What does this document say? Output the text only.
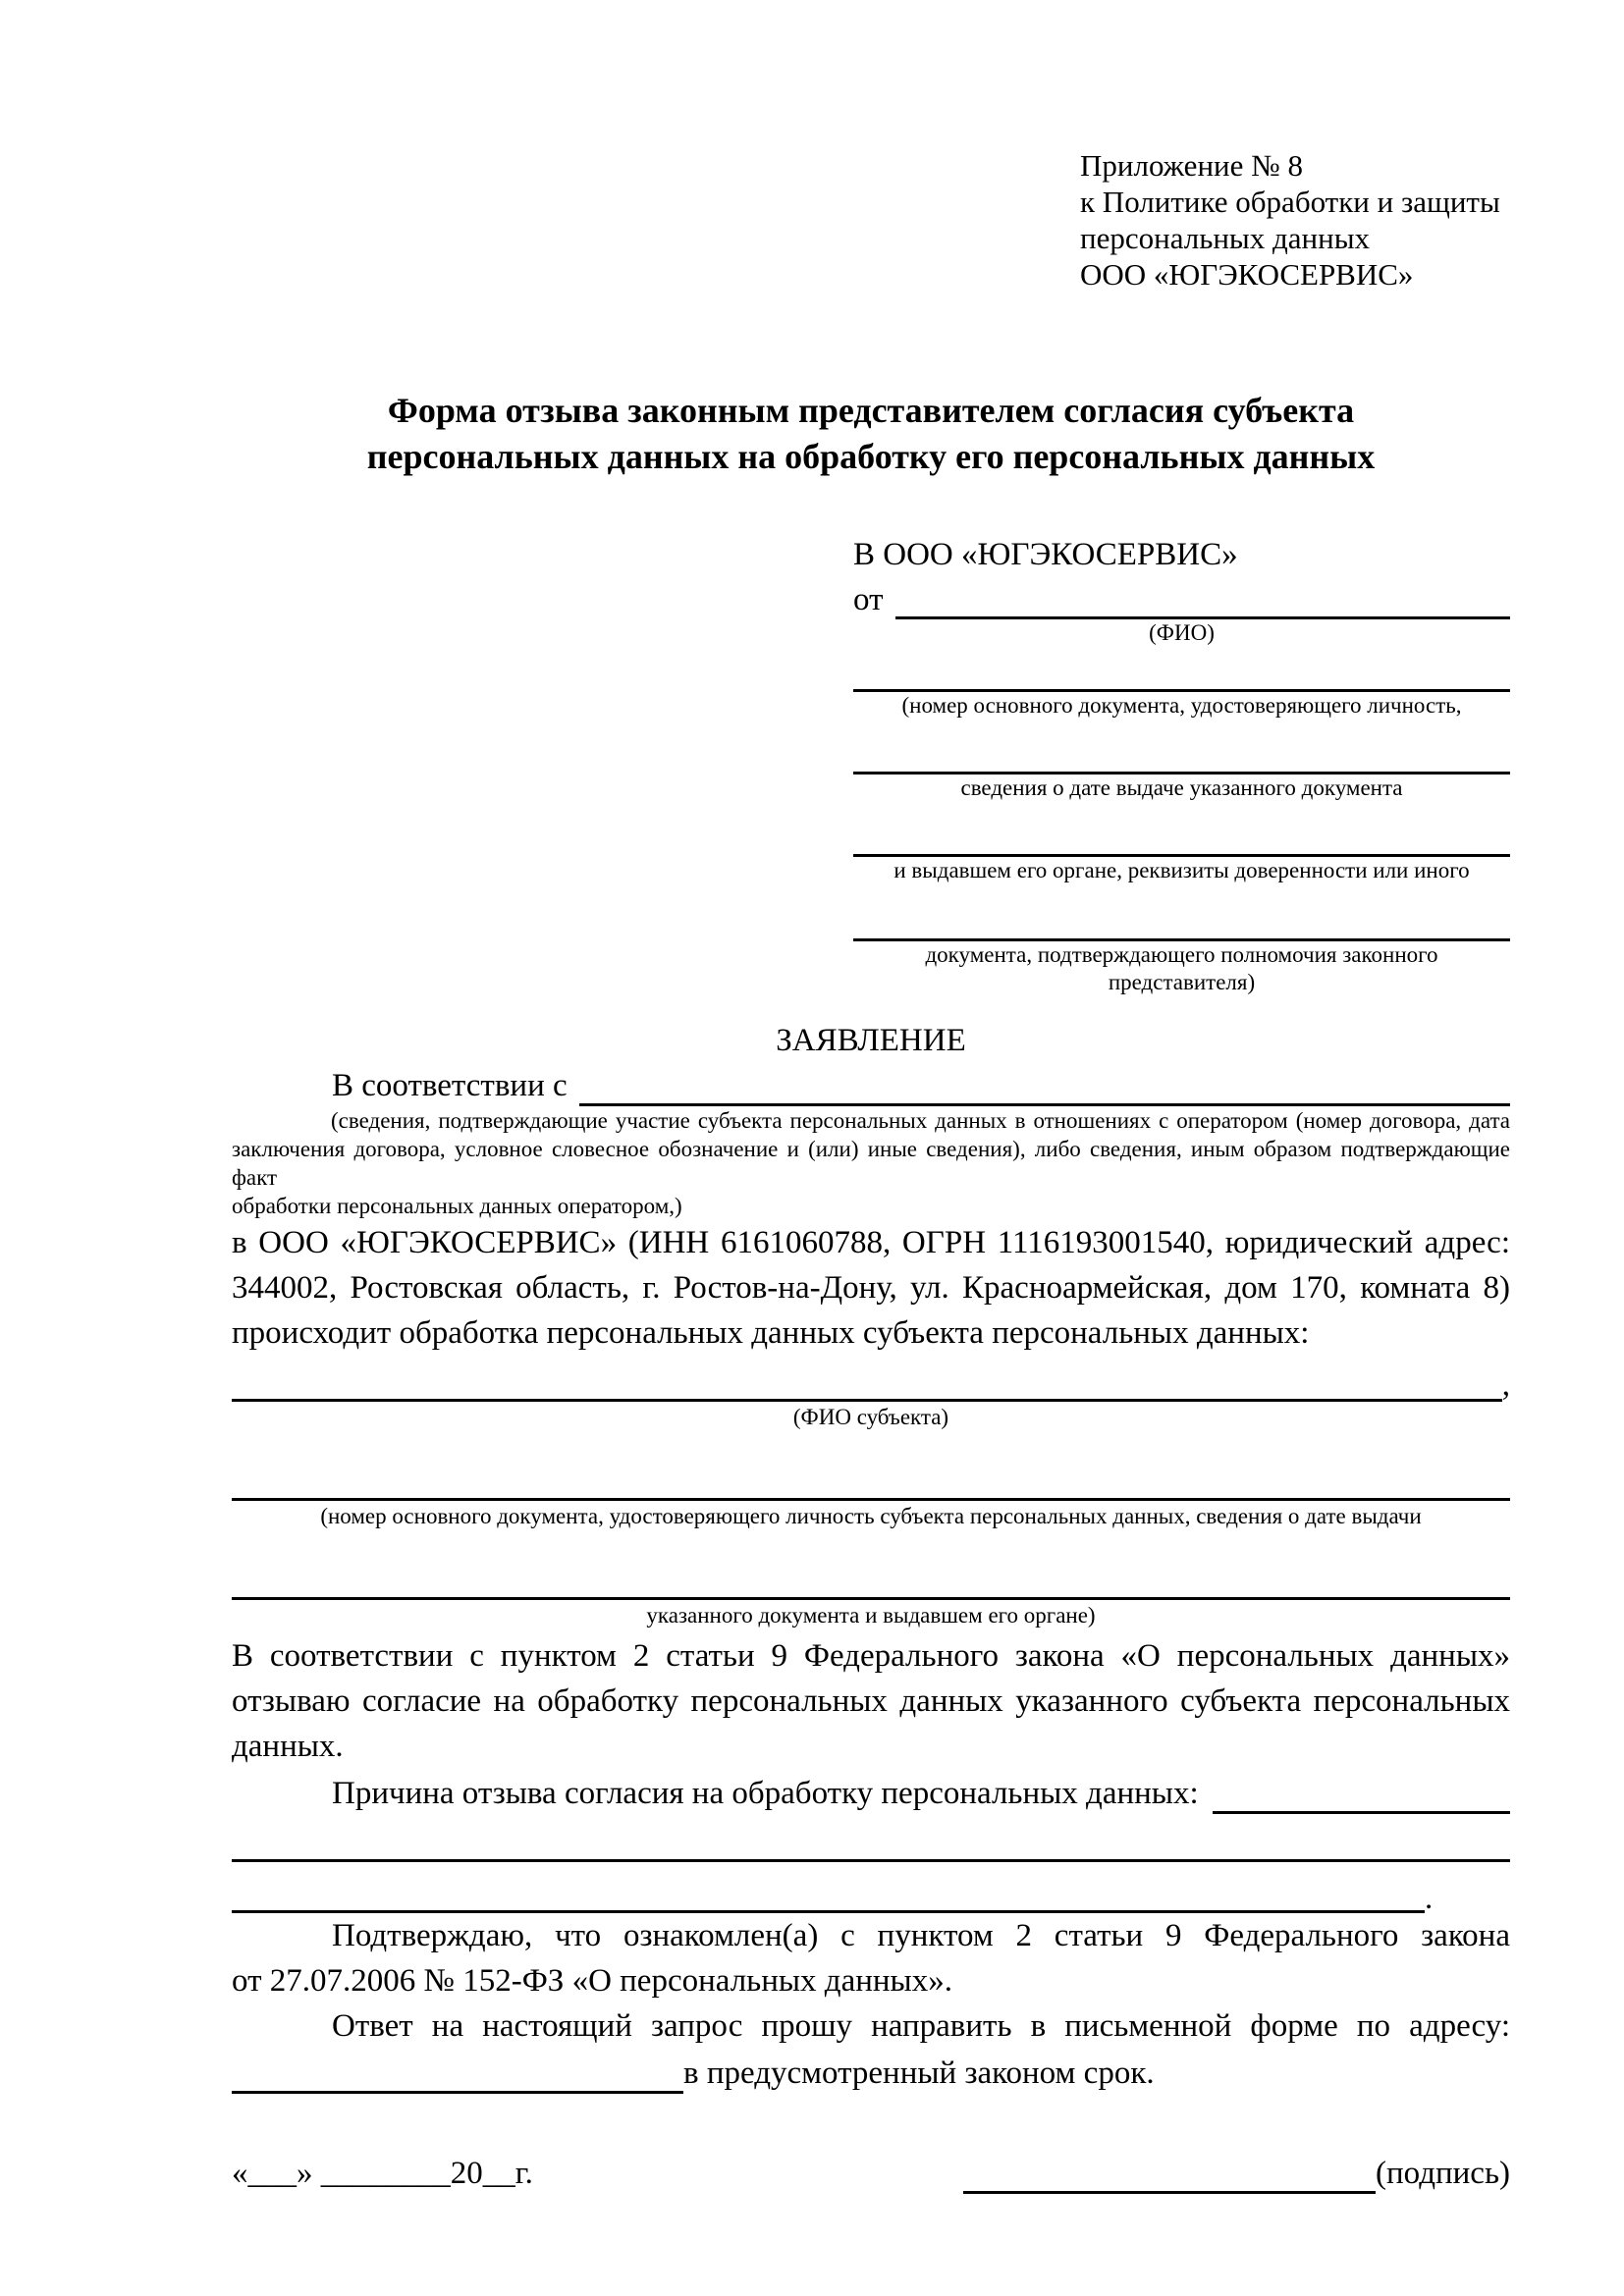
Приложение № 8
к Политике обработки и защиты
персональных данных
ООО «ЮГЭКОСЕРВИС»
Форма отзыва законным представителем согласия субъекта
персональных данных на обработку его персональных данных
В ООО «ЮГЭКОСЕРВИС»
от
(ФИО)
(номер основного документа, удостоверяющего личность,
сведения о дате выдаче указанного документа
и выдавшем его органе, реквизиты доверенности или иного
документа, подтверждающего полномочия законного представителя)
ЗАЯВЛЕНИЕ
В соответствии с
(сведения, подтверждающие участие субъекта персональных данных в отношениях с оператором (номер договора, дата
заключения договора, условное словесное обозначение и (или) иные сведения), либо сведения, иным образом подтверждающие факт
обработки персональных данных оператором,)
в ООО «ЮГЭКОСЕРВИС» (ИНН 6161060788, ОГРН 1116193001540, юридический адрес:
344002, Ростовская область, г. Ростов-на-Дону, ул. Красноармейская, дом 170, комната 8)
происходит обработка персональных данных субъекта персональных данных:
,
(ФИО субъекта)
(номер основного документа, удостоверяющего личность субъекта персональных данных, сведения о дате выдачи
указанного документа и выдавшем его органе)
В соответствии с пунктом 2 статьи 9 Федерального закона «О персональных данных»
отзываю согласие на обработку персональных данных указанного субъекта персональных
данных.
Причина отзыва согласия на обработку персональных данных:
.
Подтверждаю, что ознакомлен(а) с пунктом 2 статьи 9 Федерального закона
от 27.07.2006 № 152-ФЗ «О персональных данных».
Ответ на настоящий запрос прошу направить в письменной форме по адресу:
в предусмотренный законом срок.
«___» ________20__г.	(подпись)
